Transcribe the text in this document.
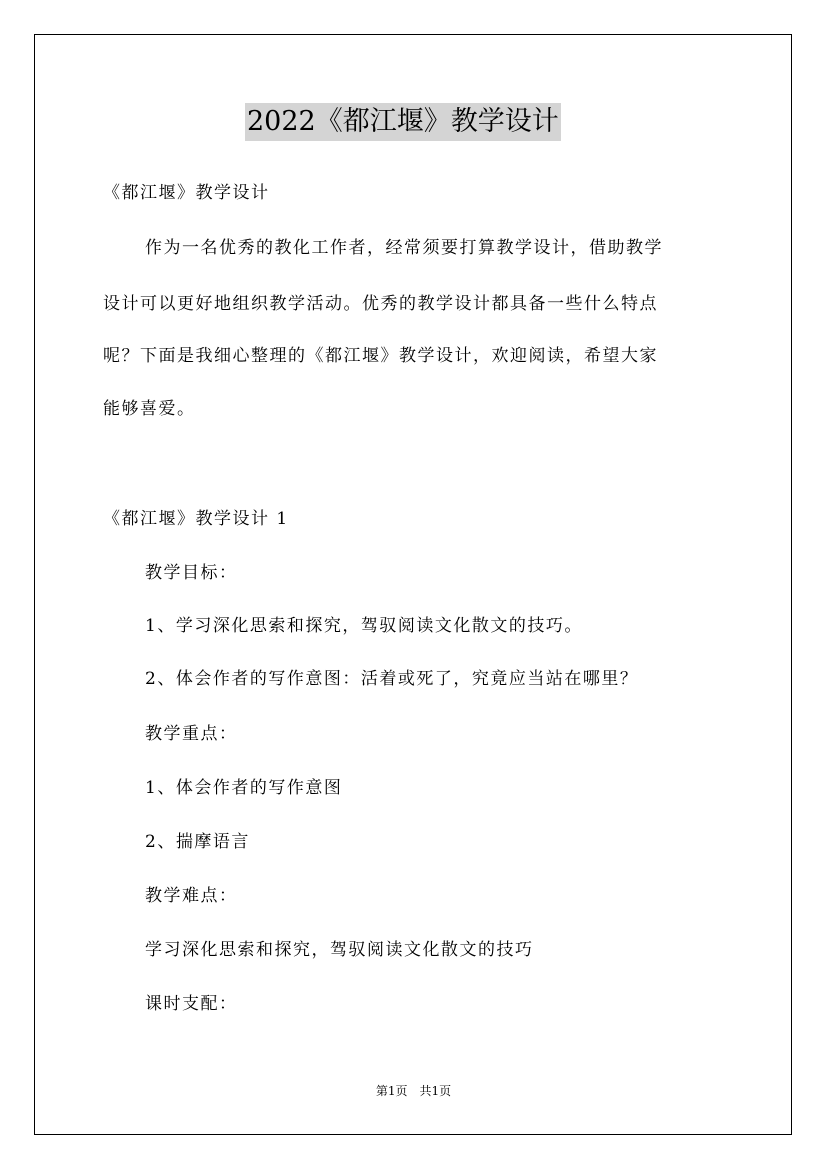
2022《都江堰》教学设计
《都江堰》教学设计
作为一名优秀的教化工作者，经常须要打算教学设计，借助教学
设计可以更好地组织教学活动。优秀的教学设计都具备一些什么特点
呢？下面是我细心整理的《都江堰》教学设计，欢迎阅读，希望大家
能够喜爱。
《都江堰》教学设计 1
教学目标：
1、学习深化思索和探究，驾驭阅读文化散文的技巧。
2、体会作者的写作意图：活着或死了，究竟应当站在哪里？
教学重点：
1、体会作者的写作意图
2、揣摩语言
教学难点：
学习深化思索和探究，驾驭阅读文化散文的技巧
课时支配：
第1页　共1页
